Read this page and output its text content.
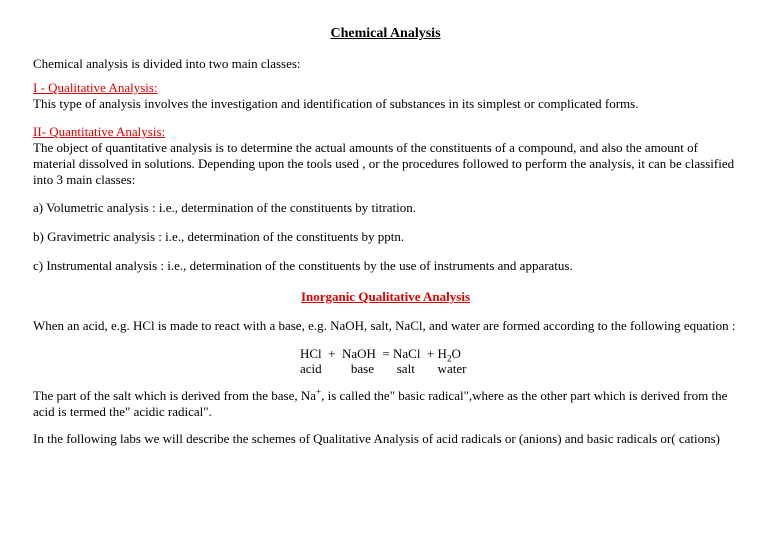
Chemical Analysis

Chemical analysis is divided into two main classes:

I - Qualitative Analysis:

This type of analysis involves the investigation and identification of substances in its simplest or complicated forms.

II- Quantitative Analysis:

The object of quantitative analysis is to determine the actual amounts of the constituents of a compound, and also the amount of material dissolved in solutions. Depending upon the tools used , or the procedures followed to perform the analysis, it can be classified into 3 main classes:

a) Volumetric analysis : i.e., determination of the constituents by titration.

b) Gravimetric analysis : i.e., determination of the constituents by pptn.

c) Instrumental analysis : i.e., determination of the constituents by the use of instruments and apparatus.

Inorganic Qualitative Analysis

When an acid, e.g. HCl is made to react with a base, e.g. NaOH, salt, NaCl, and water are formed according to the following equation :

HCl  +  NaOH  = NaCl  + $H_2O$
acid         base       salt       water

The part of the salt which is derived from the base, Na+, is called the" basic radical",where as the other part which is derived from the acid is termed the" acidic radical".

In the following labs we will describe the schemes of Qualitative Analysis of acid radicals or (anions) and basic radicals or( cations)
